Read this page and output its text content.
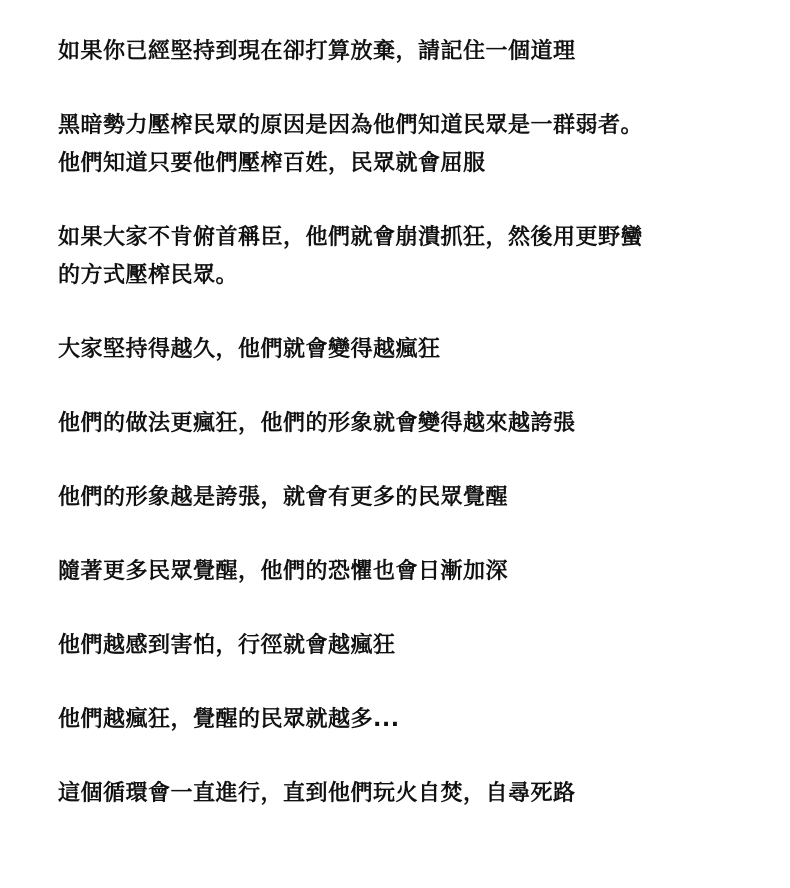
如果你已經堅持到現在卻打算放棄，請記住一個道理

黑暗勢力壓榨民眾的原因是因為他們知道民眾是一群弱者。
他們知道只要他們壓榨百姓，民眾就會屈服

如果大家不肯俯首稱臣，他們就會崩潰抓狂，然後用更野蠻
的方式壓榨民眾。

大家堅持得越久，他們就會變得越瘋狂

他們的做法更瘋狂，他們的形象就會變得越來越誇張

他們的形象越是誇張，就會有更多的民眾覺醒

隨著更多民眾覺醒，他們的恐懼也會日漸加深

他們越感到害怕，行徑就會越瘋狂

他們越瘋狂，覺醒的民眾就越多...

這個循環會一直進行，直到他們玩火自焚，自尋死路
